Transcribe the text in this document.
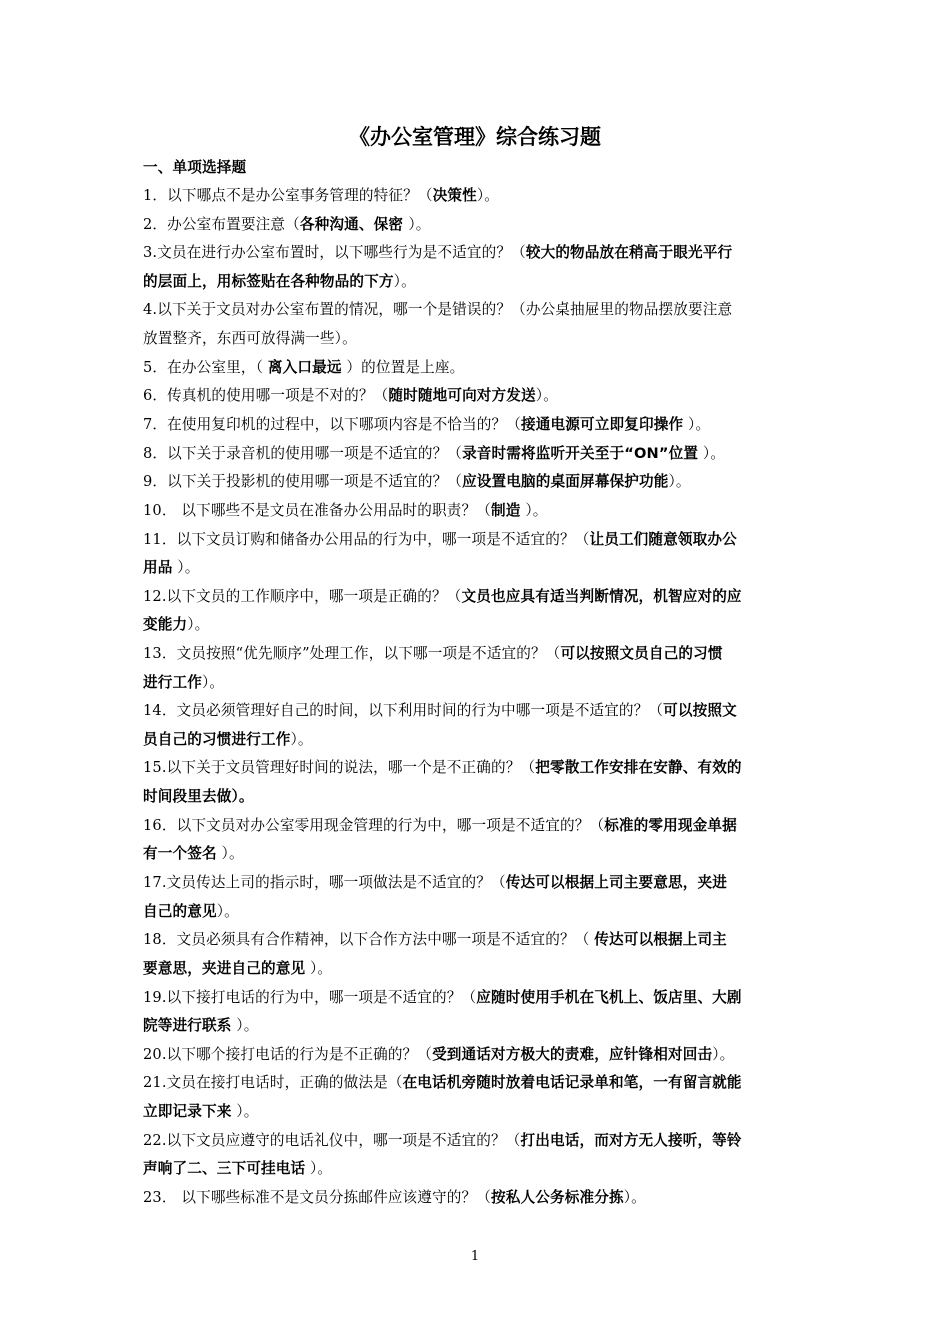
《办公室管理》综合练习题
一、单项选择题
1．以下哪点不是办公室事务管理的特征？（决策性）。
2．办公室布置要注意（各种沟通、保密 ）。
3.文员在进行办公室布置时，以下哪些行为是不适宜的？（较大的物品放在稍高于眼光平行
的层面上，用标签贴在各种物品的下方）。
4.以下关于文员对办公室布置的情况，哪一个是错误的？（办公桌抽屉里的物品摆放要注意
放置整齐，东西可放得满一些）。
5．在办公室里，（ 离入口最远 ）的位置是上座。
6．传真机的使用哪一项是不对的？（随时随地可向对方发送）。
7．在使用复印机的过程中，以下哪项内容是不恰当的？（接通电源可立即复印操作 ）。
8．以下关于录音机的使用哪一项是不适宜的？（录音时需将监听开关至于“ON”位置 ）。
9．以下关于投影机的使用哪一项是不适宜的？（应设置电脑的桌面屏幕保护功能）。
10． 以下哪些不是文员在准备办公用品时的职责？（制造 ）。
11．以下文员订购和储备办公用品的行为中，哪一项是不适宜的？（让员工们随意领取办公
用品 ）。
12.以下文员的工作顺序中，哪一项是正确的？（文员也应具有适当判断情况，机智应对的应
变能力）。
13．文员按照“优先顺序”处理工作，以下哪一项是不适宜的？（可以按照文员自己的习惯
进行工作）。
14．文员必须管理好自己的时间，以下利用时间的行为中哪一项是不适宜的？（可以按照文
员自己的习惯进行工作）。
15.以下关于文员管理好时间的说法，哪一个是不正确的？（把零散工作安排在安静、有效的
时间段里去做）。
16．以下文员对办公室零用现金管理的行为中，哪一项是不适宜的？（标准的零用现金单据
有一个签名 ）。
17.文员传达上司的指示时，哪一项做法是不适宜的？（传达可以根据上司主要意思，夹进
自己的意见）。
18．文员必须具有合作精神，以下合作方法中哪一项是不适宜的？（ 传达可以根据上司主
要意思，夹进自己的意见 ）。
19.以下接打电话的行为中，哪一项是不适宜的？（应随时使用手机在飞机上、饭店里、大剧
院等进行联系 ）。
20.以下哪个接打电话的行为是不正确的？（受到通话对方极大的责难，应针锋相对回击）。
21.文员在接打电话时，正确的做法是（在电话机旁随时放着电话记录单和笔，一有留言就能
立即记录下来 ）。
22.以下文员应遵守的电话礼仪中，哪一项是不适宜的？（打出电话，而对方无人接听，等铃
声响了二、三下可挂电话 ）。
23． 以下哪些标准不是文员分拣邮件应该遵守的？（按私人公务标准分拣）。
1
